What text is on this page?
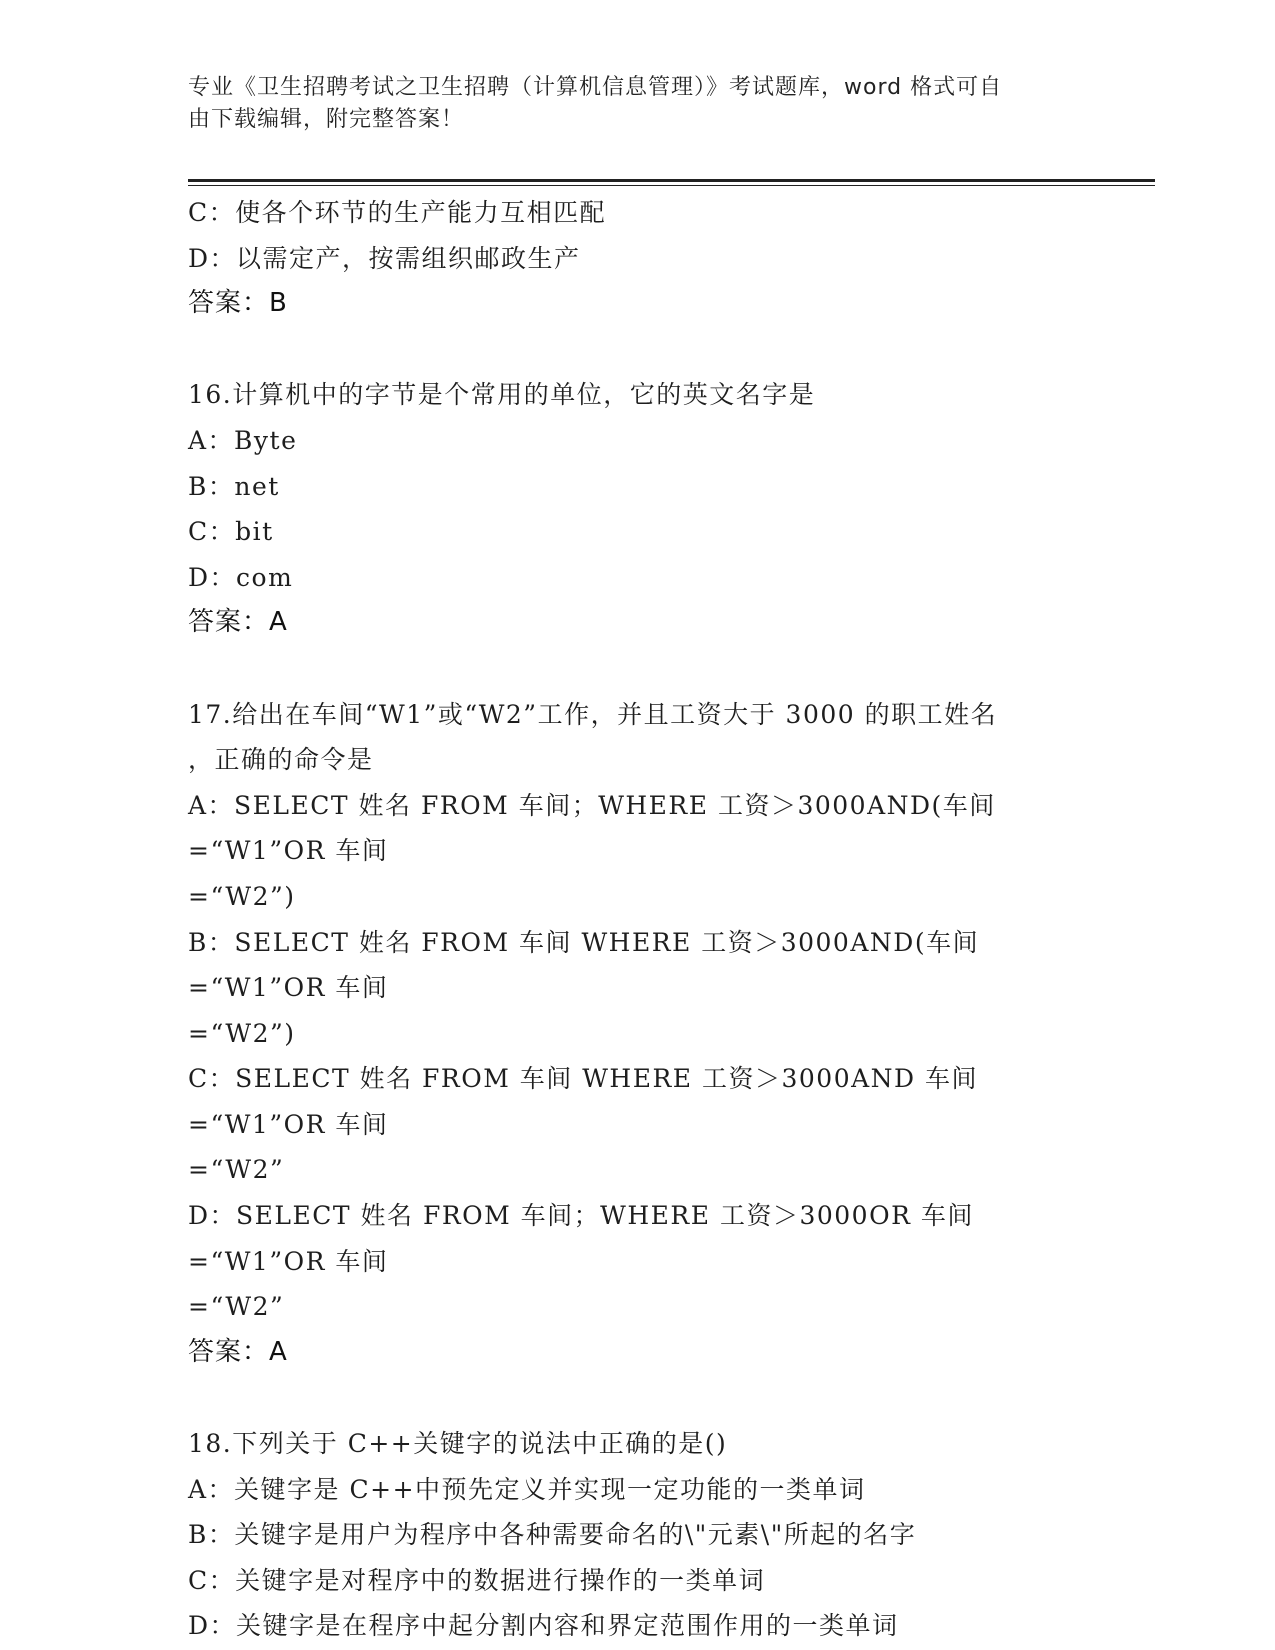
专业《卫生招聘考试之卫生招聘（计算机信息管理）》考试题库，word 格式可自
由下载编辑，附完整答案！
C：使各个环节的生产能力互相匹配
D：以需定产，按需组织邮政生产
答案：B
16.计算机中的字节是个常用的单位，它的英文名字是
A：Byte
B：net
C：bit
D：com
答案：A
17.给出在车间“W1”或“W2”工作，并且工资大于 3000 的职工姓名
，正确的命令是
A：SELECT 姓名 FROM 车间；WHERE 工资＞3000AND(车间=“W1”OR 车间
=“W2”)
B：SELECT 姓名 FROM 车间 WHERE 工资＞3000AND(车间=“W1”OR 车间
=“W2”)
C：SELECT 姓名 FROM 车间 WHERE 工资＞3000AND 车间=“W1”OR 车间
=“W2”
D：SELECT 姓名 FROM 车间；WHERE 工资＞3000OR 车间=“W1”OR 车间
=“W2”
答案：A
18.下列关于 C++关键字的说法中正确的是()
A：关键字是 C++中预先定义并实现一定功能的一类单词
B：关键字是用户为程序中各种需要命名的\"元素\"所起的名字
C：关键字是对程序中的数据进行操作的一类单词
D：关键字是在程序中起分割内容和界定范围作用的一类单词
